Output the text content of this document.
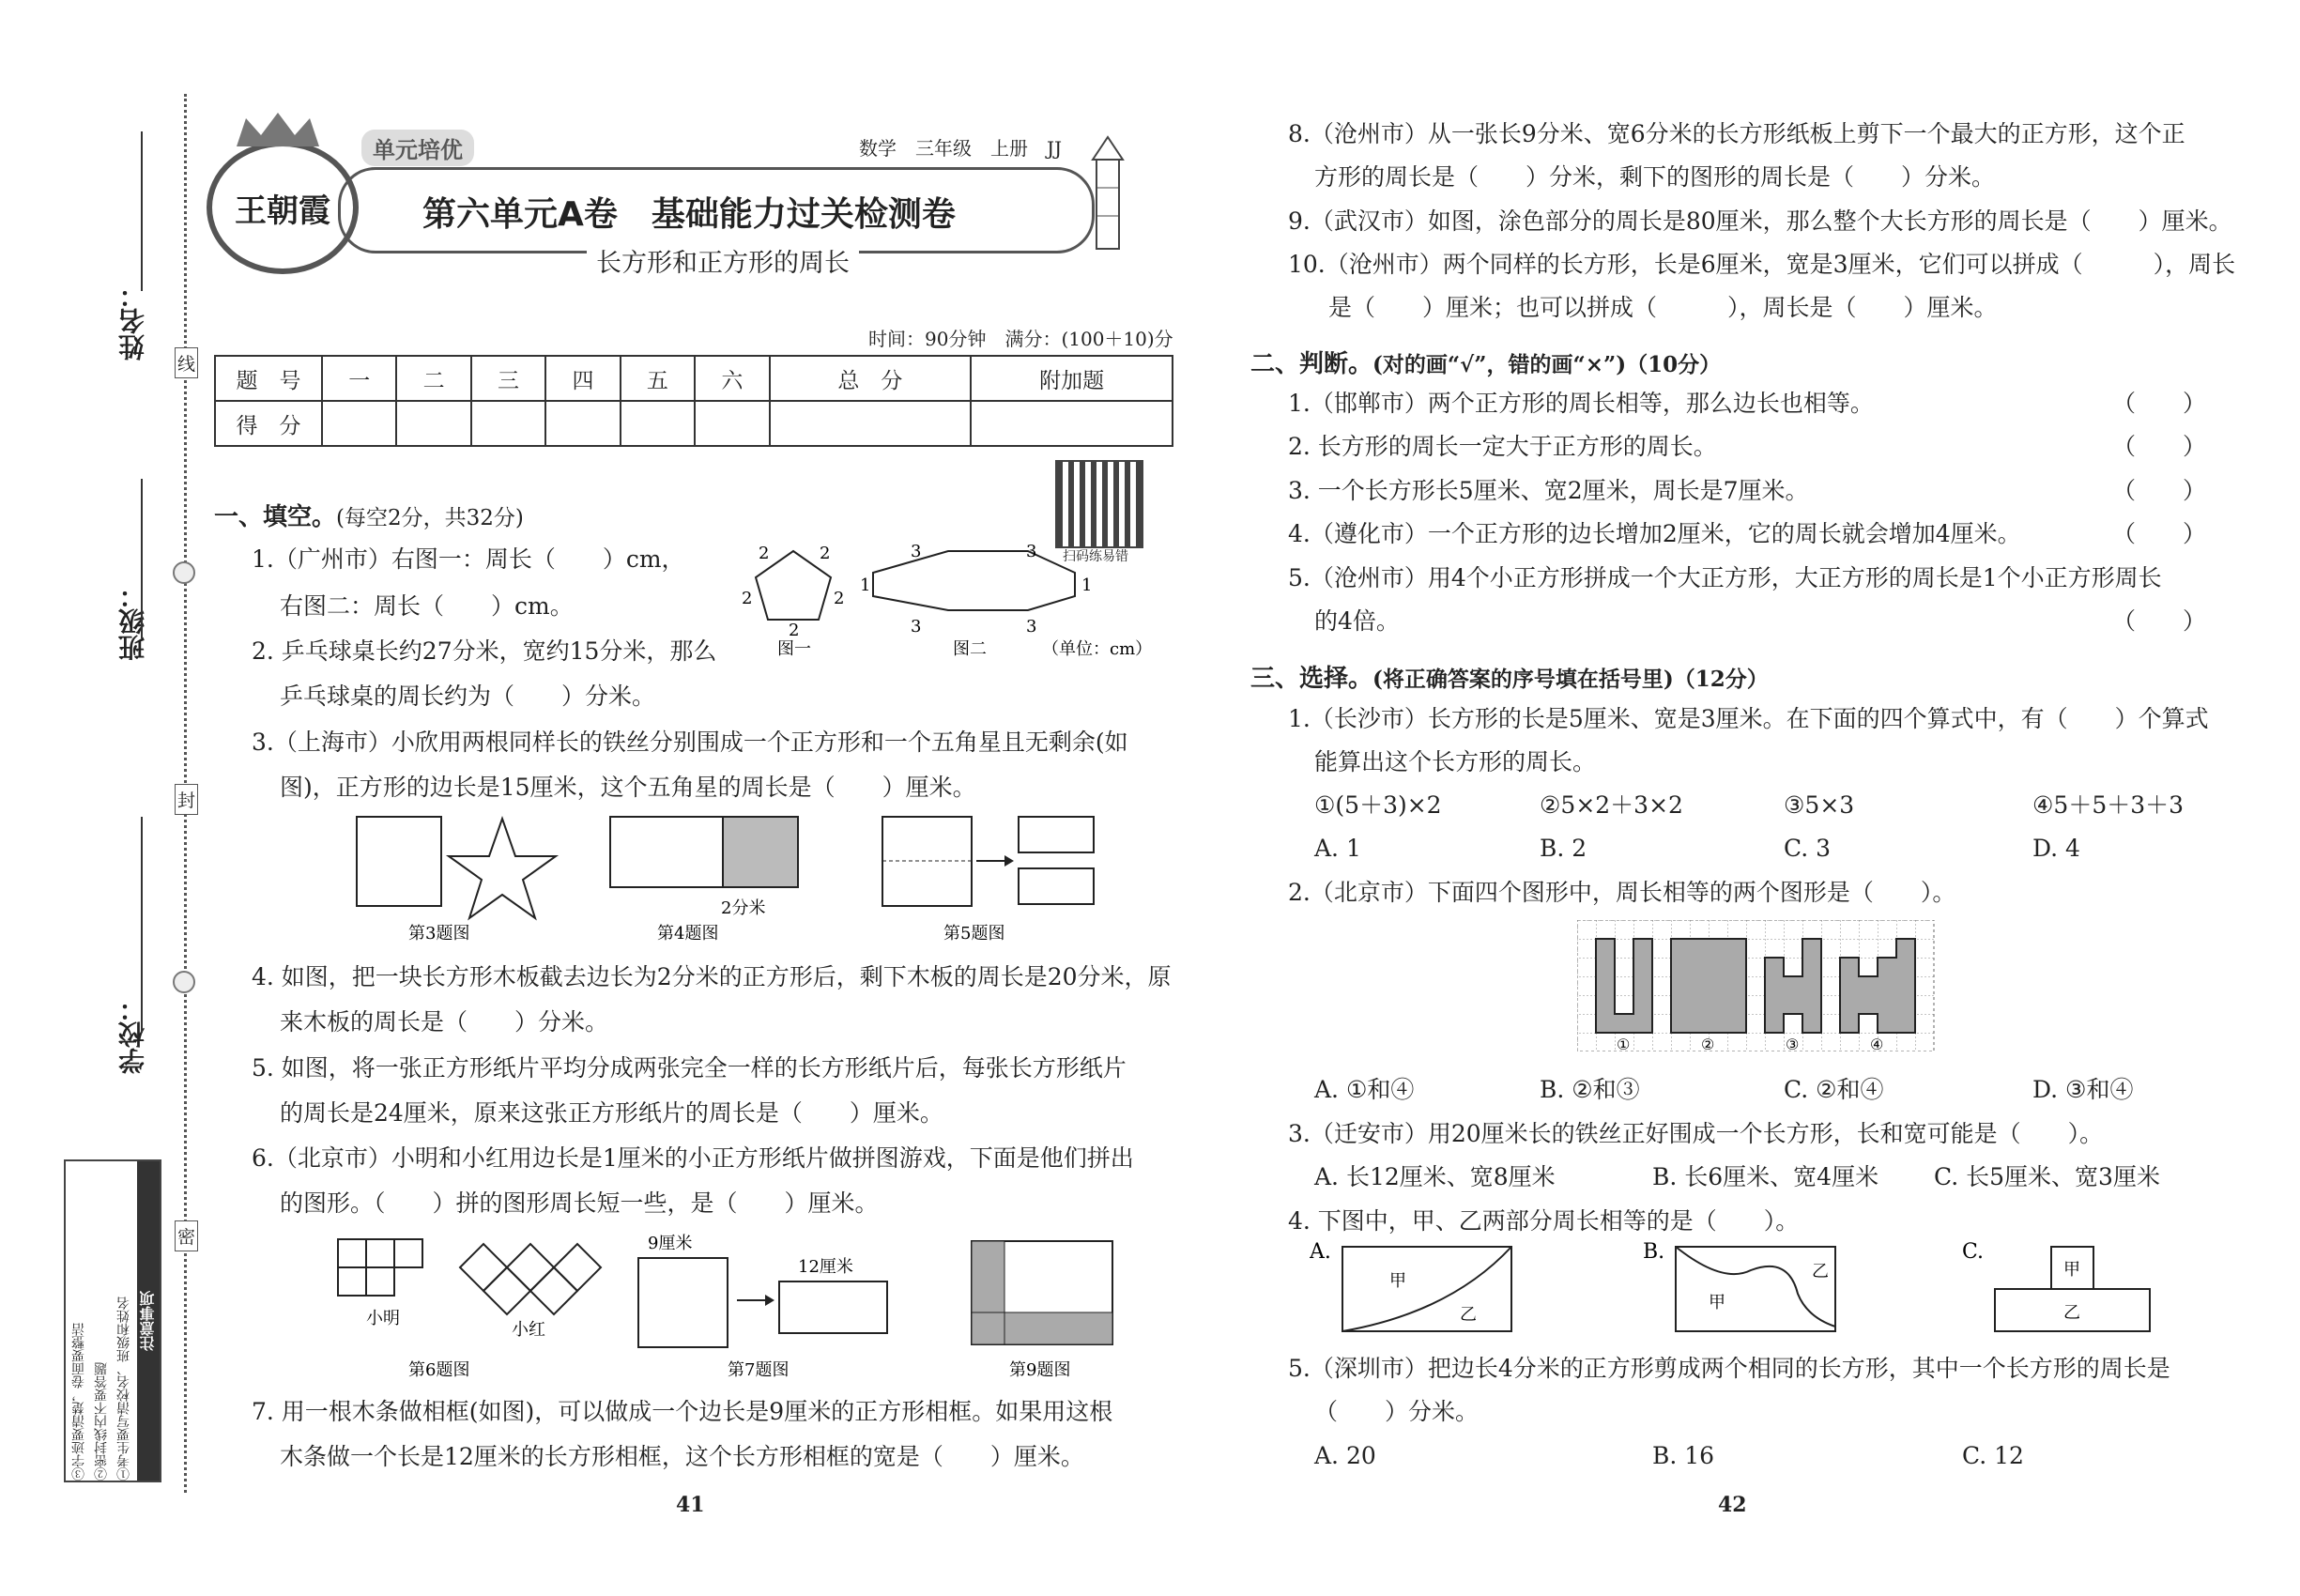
姓名：
班级：
学校：
线
封
密
注意事项
①考生要写清校名、班级和姓名
②密封线内不要答题
③字迹要清楚，卷面要整洁
王朝霞
单元培优	数学　三年级　上册　JJ
第六单元A卷　基础能力过关检测卷
长方形和正方形的周长
时间：90分钟　满分：(100＋10)分
题　号	一	二	三	四	五	六	总　分	附加题
得　分								
扫码练易错
一、填空。(每空2分，共32分)
1.（广州市）右图一：周长（　　）cm，
右图二：周长（　　）cm。
2. 乒乓球桌长约27分米，宽约15分米，那么
乒乓球桌的周长约为（　　）分米。
3.（上海市）小欣用两根同样长的铁丝分别围成一个正方形和一个五角星且无剩余(如
图)，正方形的边长是15厘米，这个五角星的周长是（　　）厘米。
4. 如图，把一块长方形木板截去边长为2分米的正方形后，剩下木板的周长是20分米，原
来木板的周长是（　　）分米。
5. 如图，将一张正方形纸片平均分成两张完全一样的长方形纸片后，每张长方形纸片
的周长是24厘米，原来这张正方形纸片的周长是（　　）厘米。
6.（北京市）小明和小红用边长是1厘米的小正方形纸片做拼图游戏，下面是他们拼出
的图形。（　　）拼的图形周长短一些，是（　　）厘米。
7. 用一根木条做相框(如图)，可以做成一个边长是9厘米的正方形相框。如果用这根
木条做一个长是12厘米的长方形相框，这个长方形相框的宽是（　　）厘米。
2	2
2	2
2
3	3
3	3
1	1
图一	图二	（单位：cm）
第3题图
2分米
第4题图	第5题图
小明
小红
第6题图
9厘米
12厘米
第7题图	第9题图
41
8.（沧州市）从一张长9分米、宽6分米的长方形纸板上剪下一个最大的正方形，这个正
方形的周长是（　　）分米，剩下的图形的周长是（　　）分米。
9.（武汉市）如图，涂色部分的周长是80厘米，那么整个大长方形的周长是（　　）厘米。
10.（沧州市）两个同样的长方形，长是6厘米，宽是3厘米，它们可以拼成（　　　），周长
是（　　）厘米；也可以拼成（　　　），周长是（　　）厘米。
二、判断。(对的画“√”，错的画“×”)（10分）
1.（邯郸市）两个正方形的周长相等，那么边长也相等。	（　　）
2. 长方形的周长一定大于正方形的周长。	（　　）
3. 一个长方形长5厘米、宽2厘米，周长是7厘米。	（　　）
4.（遵化市）一个正方形的边长增加2厘米，它的周长就会增加4厘米。	（　　）
5.（沧州市）用4个小正方形拼成一个大正方形，大正方形的周长是1个小正方形周长
的4倍。	（　　）
三、选择。(将正确答案的序号填在括号里)（12分）
1.（长沙市）长方形的长是5厘米、宽是3厘米。在下面的四个算式中，有（　　）个算式
能算出这个长方形的周长。
①(5＋3)×2	②5×2＋3×2	③5×3	④5＋5＋3＋3
A. 1	B. 2	C. 3	D. 4
2.（北京市）下面四个图形中，周长相等的两个图形是（　　）。
①	②	③	④
A. ①和④	B. ②和③	C. ②和④	D. ③和④
3.（迁安市）用20厘米长的铁丝正好围成一个长方形，长和宽可能是（　　）。
A. 长12厘米、宽8厘米	B. 长6厘米、宽4厘米 C. 长5厘米、宽3厘米
4. 下图中，甲、乙两部分周长相等的是（　　）。
A.
甲
乙
B.
甲
乙
C.
甲
乙
5.（深圳市）把边长4分米的正方形剪成两个相同的长方形，其中一个长方形的周长是
（　　）分米。
A. 20	B. 16	C. 12
42
